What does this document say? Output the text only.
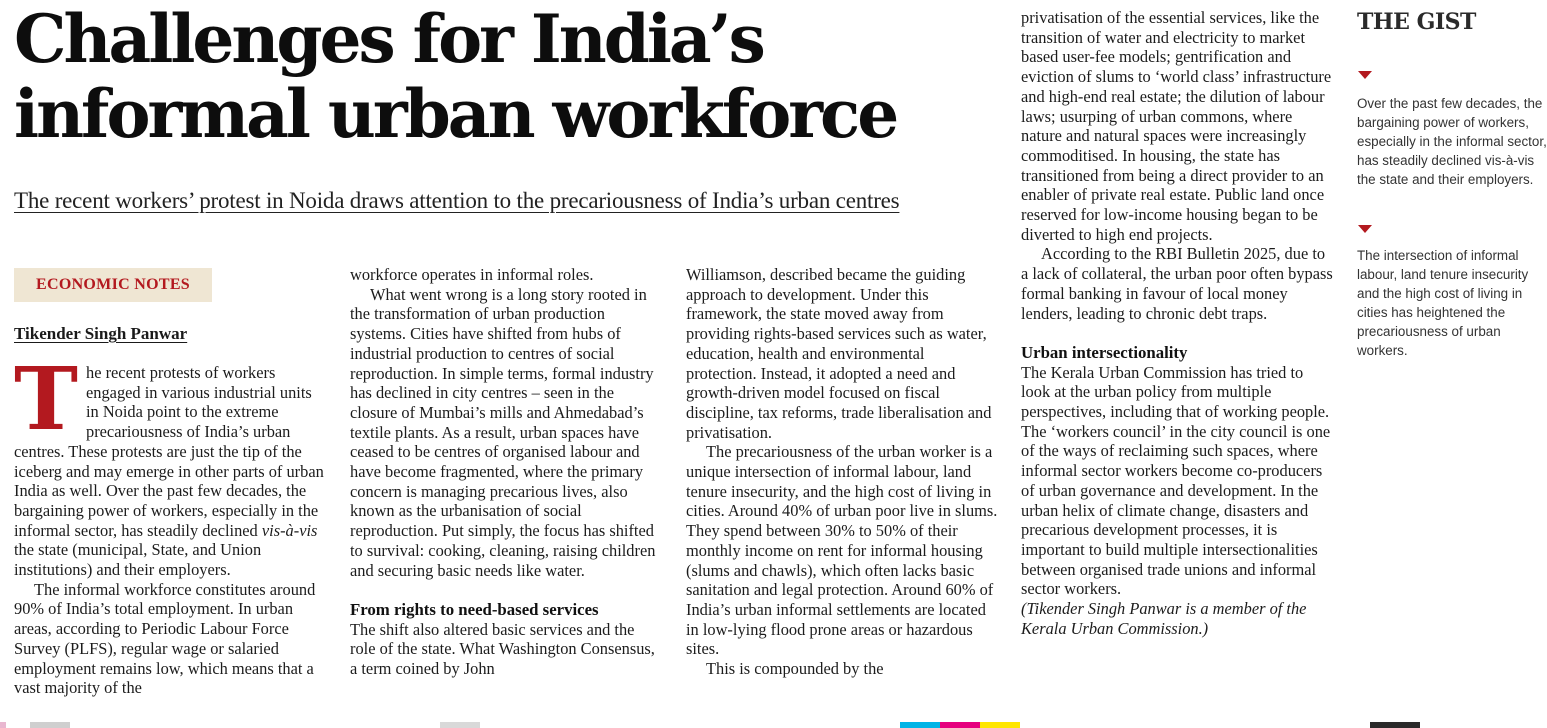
Challenges for India’s
informal urban workforce
The recent workers’ protest in Noida draws attention to the precariousness of India’s urban centres
ECONOMIC NOTES
Tikender Singh Panwar

The recent protests of workers engaged in various industrial units in Noida point to the extreme precariousness of India’s urban centres. These protests are just the tip of the iceberg and may emerge in other parts of urban India as well. Over the past few decades, the bargaining power of workers, especially in the informal sector, has steadily declined vis-à-vis the state (municipal, State, and Union institutions) and their employers.

The informal workforce constitutes around 90% of India’s total employment. In urban areas, according to Periodic Labour Force Survey (PLFS), regular wage or salaried employment remains low, which means that a vast majority of the

workforce operates in informal roles.

What went wrong is a long story rooted in the transformation of urban production systems. Cities have shifted from hubs of industrial production to centres of social reproduction. In simple terms, formal industry has declined in city centres – seen in the closure of Mumbai’s mills and Ahmedabad’s textile plants. As a result, urban spaces have ceased to be centres of organised labour and have become fragmented, where the primary concern is managing precarious lives, also known as the urbanisation of social reproduction. Put simply, the focus has shifted to survival: cooking, cleaning, raising children and securing basic needs like water.

From rights to need-based services

The shift also altered basic services and the role of the state. What Washington Consensus, a term coined by John

Williamson, described became the guiding approach to development. Under this framework, the state moved away from providing rights-based services such as water, education, health and environmental protection. Instead, it adopted a need and growth-driven model focused on fiscal discipline, tax reforms, trade liberalisation and privatisation.

The precariousness of the urban worker is a unique intersection of informal labour, land tenure insecurity, and the high cost of living in cities. Around 40% of urban poor live in slums. They spend between 30% to 50% of their monthly income on rent for informal housing (slums and chawls), which often lacks basic sanitation and legal protection. Around 60% of India’s urban informal settlements are located in low-lying flood prone areas or hazardous sites.

This is compounded by the

privatisation of the essential services, like the transition of water and electricity to market based user-fee models; gentrification and eviction of slums to ‘world class’ infrastructure and high-end real estate; the dilution of labour laws; usurping of urban commons, where nature and natural spaces were increasingly commoditised. In housing, the state has transitioned from being a direct provider to an enabler of private real estate. Public land once reserved for low-income housing began to be diverted to high end projects.

According to the RBI Bulletin 2025, due to a lack of collateral, the urban poor often bypass formal banking in favour of local money lenders, leading to chronic debt traps.

Urban intersectionality

The Kerala Urban Commission has tried to look at the urban policy from multiple perspectives, including that of working people. The ‘workers council’ in the city council is one of the ways of reclaiming such spaces, where informal sector workers become co-producers of urban governance and development. In the urban helix of climate change, disasters and precarious development processes, it is important to build multiple intersectionalities between organised trade unions and informal sector workers.

(Tikender Singh Panwar is a member of the Kerala Urban Commission.)

THE GIST
Over the past few decades, the bargaining power of workers, especially in the informal sector, has steadily declined vis-à-vis the state and their employers.
The intersection of informal labour, land tenure insecurity and the high cost of living in cities has heightened the precariousness of urban workers.
